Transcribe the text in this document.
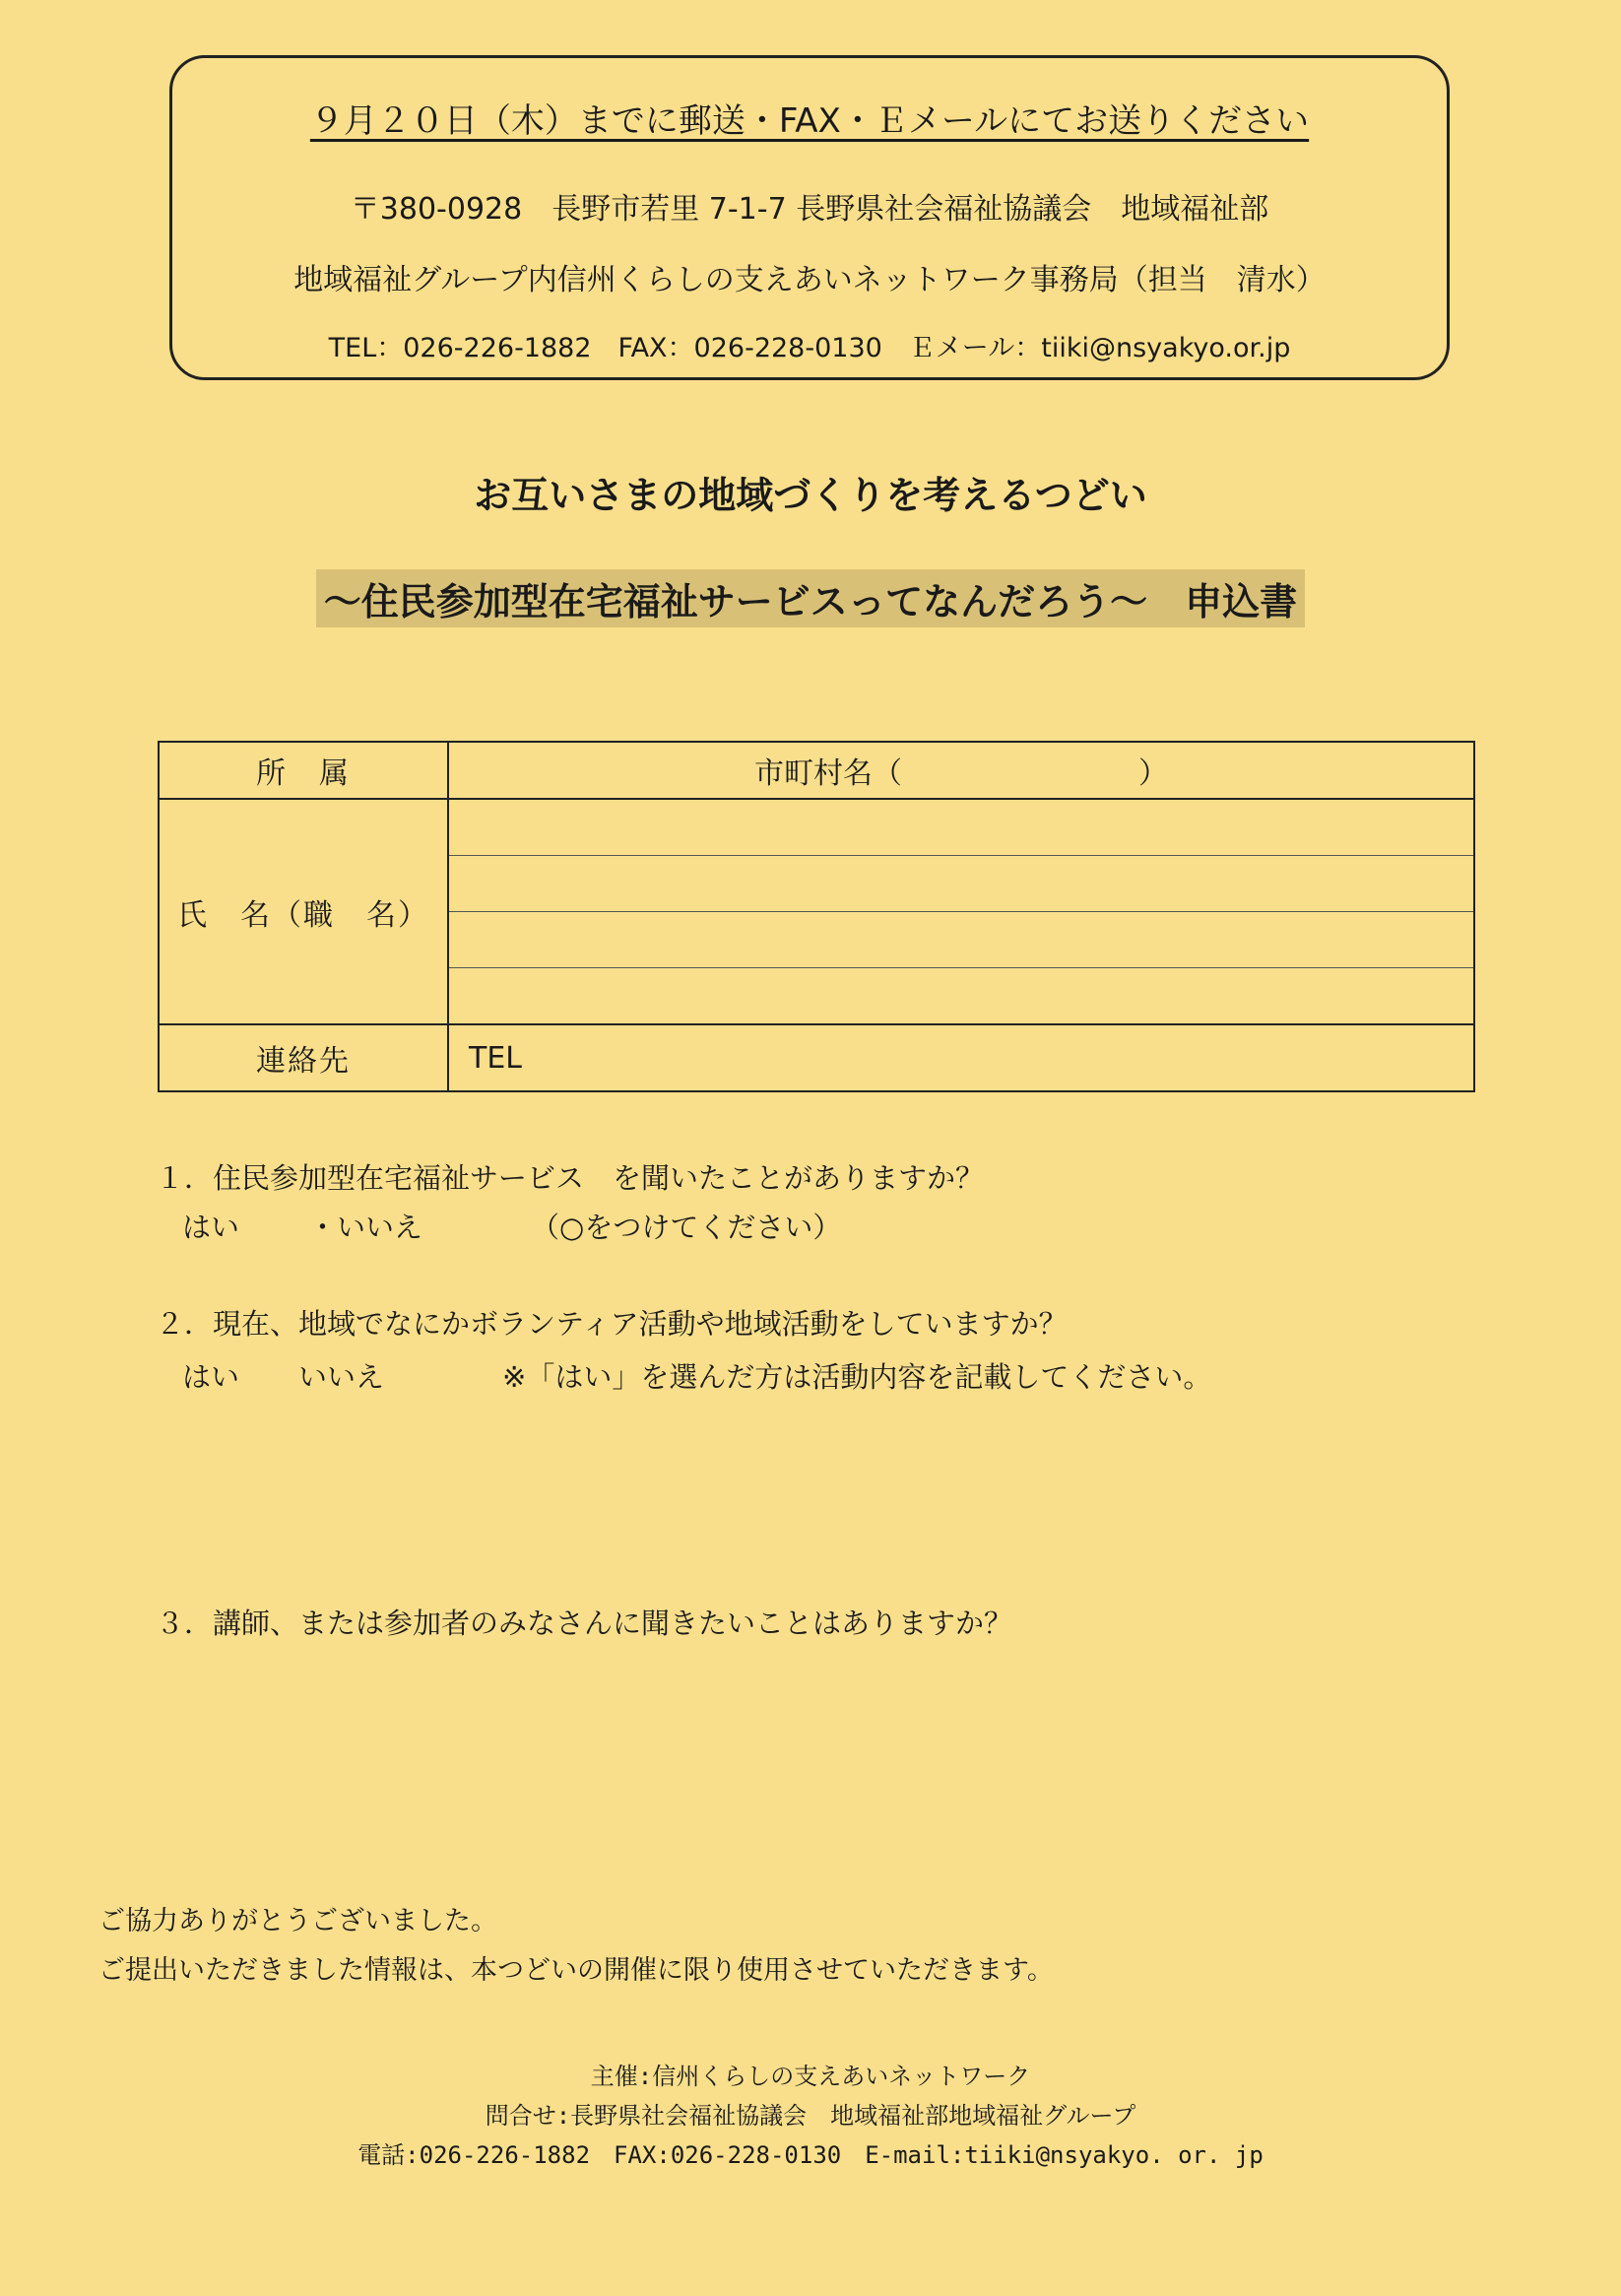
９月２０日（木）までに郵送・FAX・Ｅメールにてお送りください
〒380-0928　長野市若里 7-1-7 長野県社会福祉協議会　地域福祉部
地域福祉グループ内信州くらしの支えあいネットワーク事務局（担当　清水）
TEL：026-226-1882　FAX：026-228-0130　Ｅメール：tiiki@nsyakyo.or.jp
お互いさまの地域づくりを考えるつどい
～住民参加型在宅福祉サービスってなんだろう～　申込書
所　属	市町村名（　　　　　　　　）
氏　名（職　名）	

連絡先	TEL
１．住民参加型在宅福祉サービス　を聞いたことがありますか？
はい ・いいえ	（○をつけてください）
２．現在、地域でなにかボランティア活動や地域活動をしていますか？
はい いいえ	※「はい」を選んだ方は活動内容を記載してください。
３．講師、または参加者のみなさんに聞きたいことはありますか？
ご協力ありがとうございました。
ご提出いただきました情報は、本つどいの開催に限り使用させていただきます。
主催:信州くらしの支えあいネットワーク
問合せ:長野県社会福祉協議会　地域福祉部地域福祉グループ
電話:026-226-1882　FAX:026-228-0130　E-mail:tiiki@nsyakyo. or. jp
